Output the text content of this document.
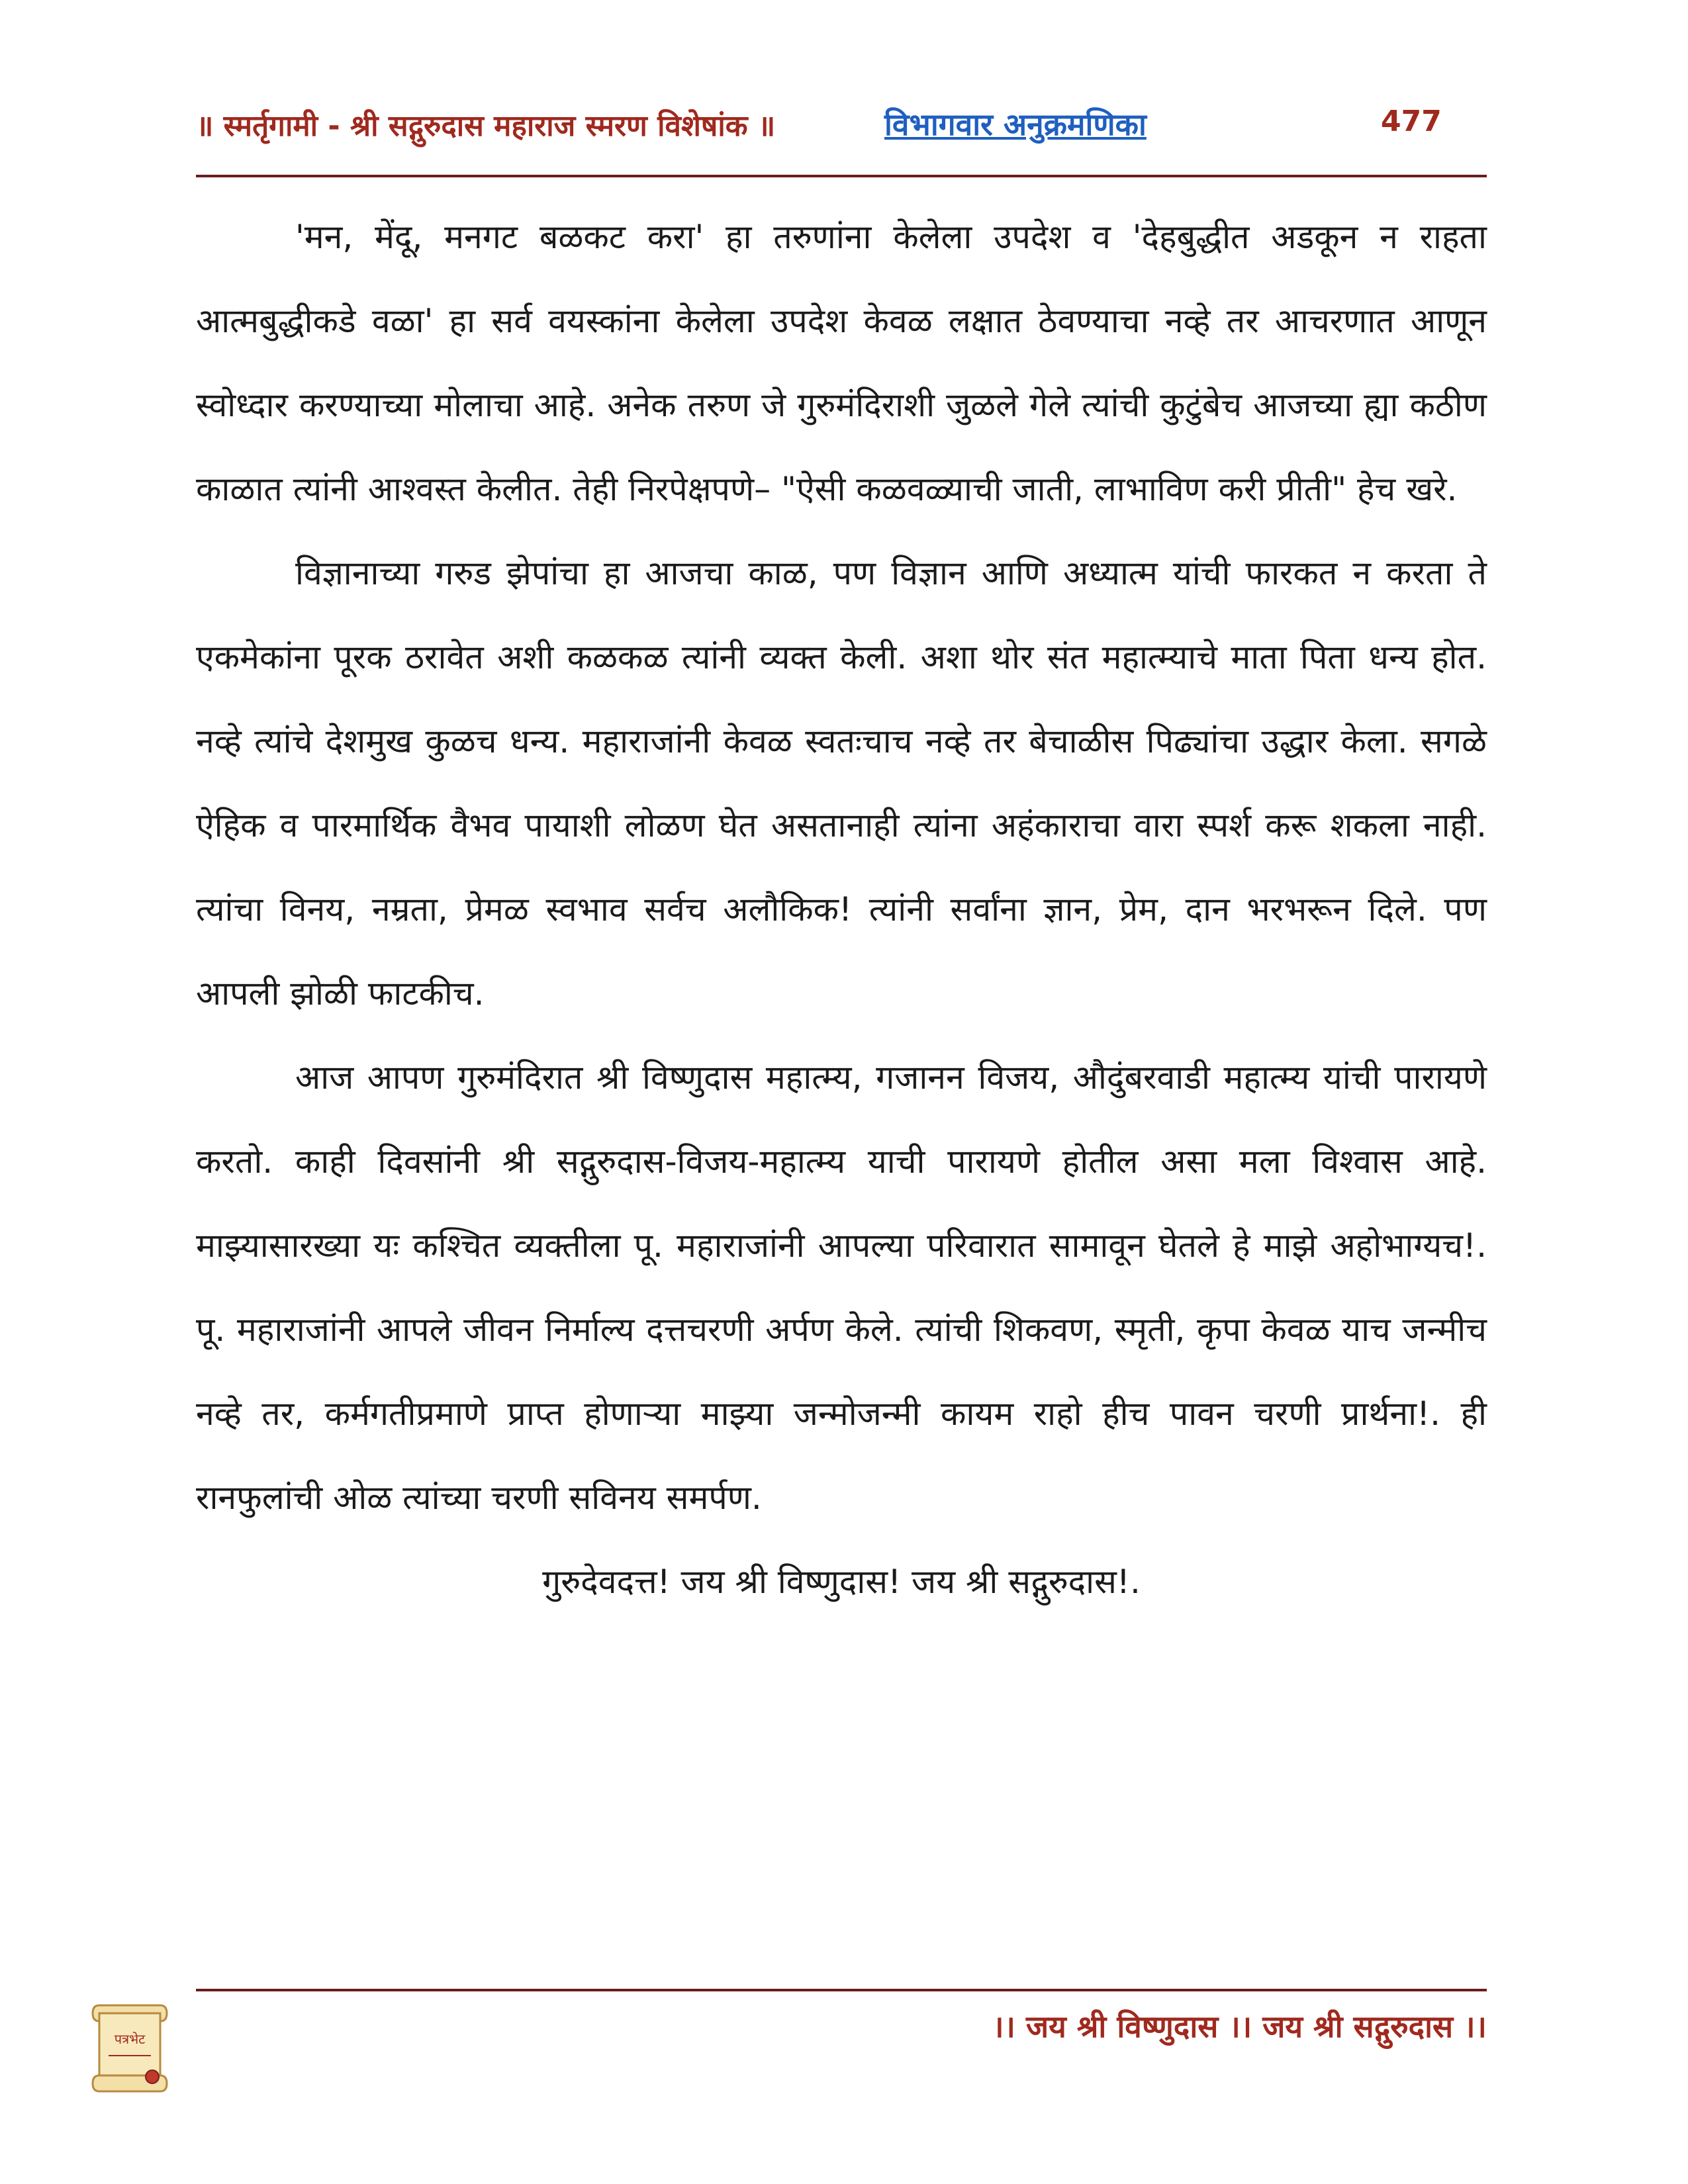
॥ स्मर्तृगामी - श्री सद्गुरुदास महाराज स्मरण विशेषांक ॥	विभागवार अनुक्रमणिका	477

'मन, मेंदू, मनगट बळकट करा' हा तरुणांना केलेला उपदेश व 'देहबुद्धीत अडकून न राहता आत्मबुद्धीकडे वळा' हा सर्व वयस्कांना केलेला उपदेश केवळ लक्षात ठेवण्याचा नव्हे तर आचरणात आणून स्वोध्दार करण्याच्या मोलाचा आहे. अनेक तरुण जे गुरुमंदिराशी जुळले गेले त्यांची कुटुंबेच आजच्या ह्या कठीण काळात त्यांनी आश्वस्त केलीत. तेही निरपेक्षपणे– "ऐसी कळवळ्याची जाती, लाभाविण करी प्रीती" हेच खरे.

विज्ञानाच्या गरुड झेपांचा हा आजचा काळ, पण विज्ञान आणि अध्यात्म यांची फारकत न करता ते एकमेकांना पूरक ठरावेत अशी कळकळ त्यांनी व्यक्त केली. अशा थोर संत महात्म्याचे माता पिता धन्य होत. नव्हे त्यांचे देशमुख कुळच धन्य. महाराजांनी केवळ स्वतःचाच नव्हे तर बेचाळीस पिढ्यांचा उद्धार केला. सगळे ऐहिक व पारमार्थिक वैभव पायाशी लोळण घेत असतानाही त्यांना अहंकाराचा वारा स्पर्श करू शकला नाही. त्यांचा विनय, नम्रता, प्रेमळ स्वभाव सर्वच अलौकिक! त्यांनी सर्वांना ज्ञान, प्रेम, दान भरभरून दिले. पण आपली झोळी फाटकीच.

आज आपण गुरुमंदिरात श्री विष्णुदास महात्म्य, गजानन विजय, औदुंबरवाडी महात्म्य यांची पारायणे करतो. काही दिवसांनी श्री सद्गुरुदास-विजय-महात्म्य याची पारायणे होतील असा मला विश्वास आहे. माझ्यासारख्या यः कश्चित व्यक्तीला पू. महाराजांनी आपल्या परिवारात सामावून घेतले हे माझे अहोभाग्यच!. पू. महाराजांनी आपले जीवन निर्माल्य दत्तचरणी अर्पण केले. त्यांची शिकवण, स्मृती, कृपा केवळ याच जन्मीच नव्हे तर, कर्मगतीप्रमाणे प्राप्त होणाऱ्या माझ्या जन्मोजन्मी कायम राहो हीच पावन चरणी प्रार्थना!. ही रानफुलांची ओळ त्यांच्या चरणी सविनय समर्पण.

गुरुदेवदत्त! जय श्री विष्णुदास! जय श्री सद्गुरुदास!.

पत्रभेट	।। जय श्री विष्णुदास ।। जय श्री सद्गुरुदास ।।
